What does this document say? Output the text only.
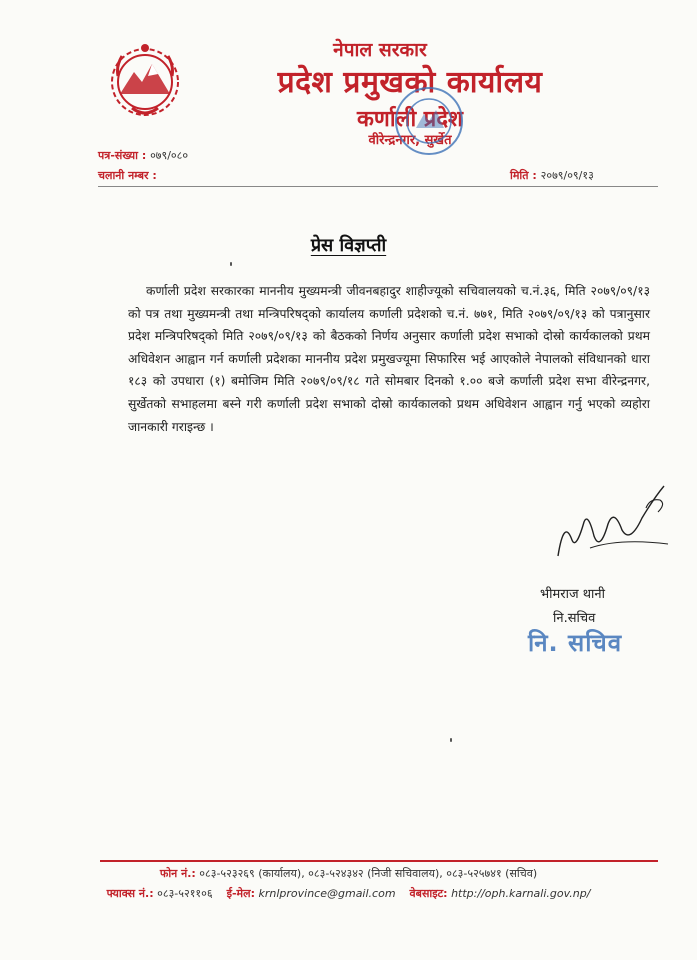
नेपाल सरकार
प्रदेश प्रमुखको कार्यालय
कर्णाली प्रदेश
वीरेन्द्रनगर, सुर्खेत
पत्र-संख्या : ०७९/०८०
चलानी नम्बर :	मिति : २०७९/०९/१३
प्रेस विज्ञप्ती
कर्णाली प्रदेश सरकारका माननीय मुख्यमन्त्री जीवनबहादुर शाहीज्यूको सचिवालयको च.नं.३६, मिति २०७९/०९/१३ को पत्र तथा मुख्यमन्त्री तथा मन्त्रिपरिषद्को कार्यालय कर्णाली प्रदेशको च.नं. ७७१, मिति २०७९/०९/१३ को पत्रानुसार प्रदेश मन्त्रिपरिषद्को मिति २०७९/०९/१३ को बैठकको निर्णय अनुसार कर्णाली प्रदेश सभाको दोस्रो कार्यकालको प्रथम अधिवेशन आह्वान गर्न कर्णाली प्रदेशका माननीय प्रदेश प्रमुखज्यूमा सिफारिस भई आएकोले नेपालको संविधानको धारा १८३ को उपधारा (१) बमोजिम मिति २०७९/०९/१८ गते सोमबार दिनको १.०० बजे कर्णाली प्रदेश सभा वीरेन्द्रनगर, सुर्खेतको सभाहलमा बस्ने गरी कर्णाली प्रदेश सभाको दोस्रो कार्यकालको प्रथम अधिवेशन आह्वान गर्नु भएको व्यहोरा जानकारी गराइन्छ ।
भीमराज थानी
नि.सचिव
नि. सचिव
फोन नं.: ०८३-५२३२६९ (कार्यालय), ०८३-५२४३४२ (निजी सचिवालय), ०८३-५२५७४१ (सचिव)
फ्याक्स नं.: ०८३-५२११०६ ई-मेल: krnlprovince@gmail.com वेबसाइट: http://oph.karnali.gov.np/
